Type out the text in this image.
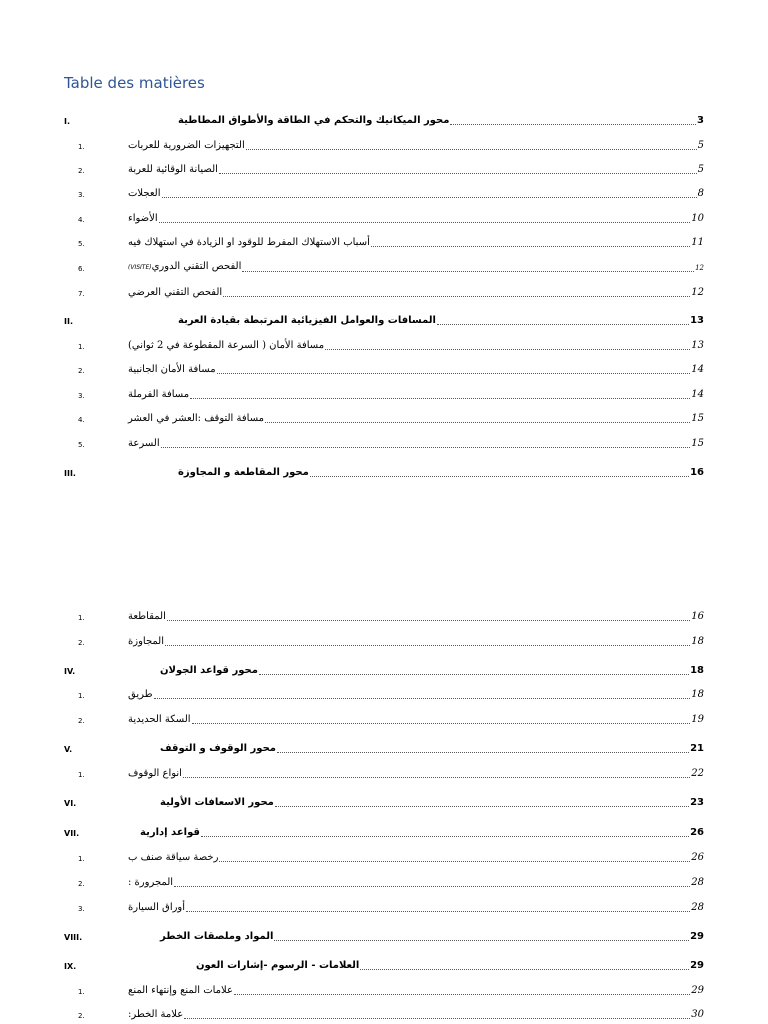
Table des matières
I.	محور الميكانيك والتحكم في الطاقة والأطواق المطاطية	3
1.	التجهيزات الضرورية للعربات	5
2.	الصيانة الوقائية للعربة	5
3.	العجلات	8
4.	الأضواء	10
5.	أسباب الاستهلاك المفرط للوقود او الزيادة في استهلاك فيه	11
6.	الفحص التقني الدوري(VISITE)	12
7.	الفحص التقني العرضي	12
II.	المسافات والعوامل الفيزيائية المرتبطة بقيادة العربة	13
1.	مسافة الأمان ( السرعة المقطوعة في 2 ثواني)	13
2.	مسافة الأمان الجانبية	14
3.	مسافة الفرملة	14
4.	مسافة التوقف :العشر في العشر	15
5.	السرعة	15
III.	محور المقاطعة و المجاوزة	16
1.	المقاطعة	16
2.	المجاوزة	18
IV.	محور قواعد الجولان	18
1.	طريق	18
2.	السكة الحديدية	19
V.	محور الوقوف و التوقف	21
1.	انواع الوقوف	22
VI.	محور الاسعافات الأولية	23
VII.	قواعد إدارية	26
1.	رخصة سياقة صنف ب	26
2.	المجرورة :	28
3.	أوراق السيارة	28
VIII.	المواد وملصقات الخطر	29
IX.	العلامات - الرسوم -إشارات العون	29
1.	علامات المنع وإنتهاء المنع	29
2.	علامة الخطر:	30
